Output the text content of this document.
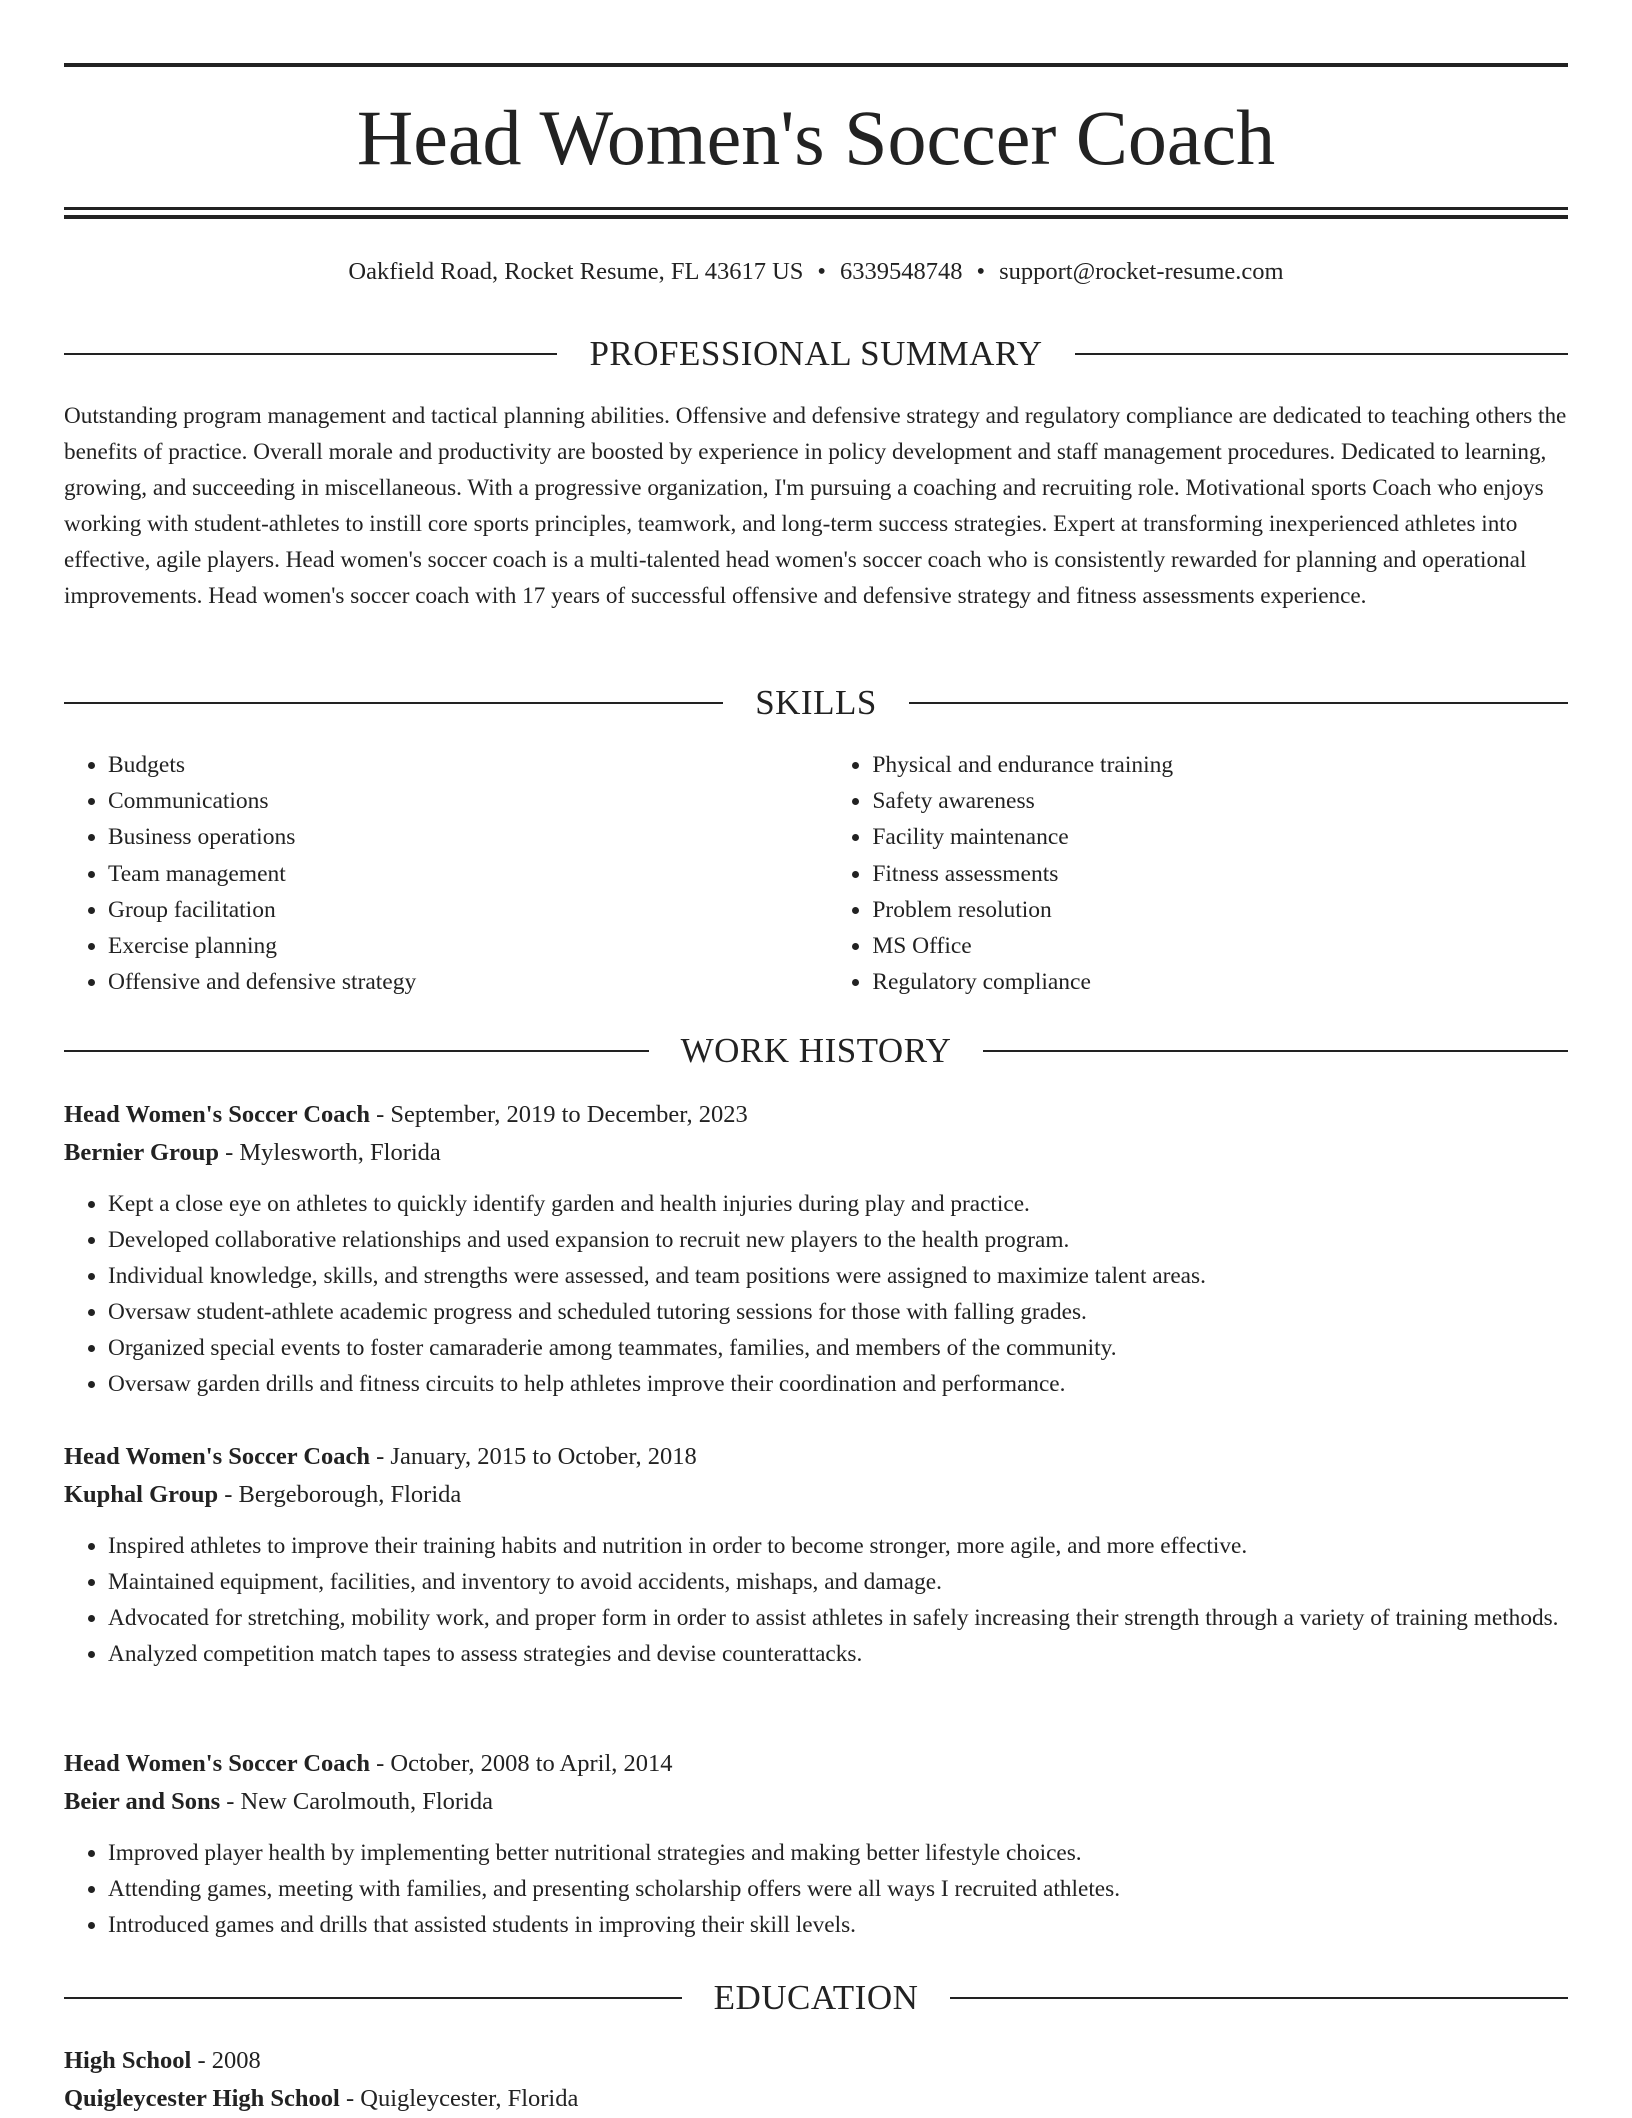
Head Women's Soccer Coach
Oakfield Road, Rocket Resume, FL 43617 US • 6339548748 • support@rocket-resume.com
PROFESSIONAL SUMMARY
Outstanding program management and tactical planning abilities. Offensive and defensive strategy and regulatory compliance are dedicated to teaching others the benefits of practice. Overall morale and productivity are boosted by experience in policy development and staff management procedures. Dedicated to learning, growing, and succeeding in miscellaneous. With a progressive organization, I'm pursuing a coaching and recruiting role. Motivational sports Coach who enjoys working with student-athletes to instill core sports principles, teamwork, and long-term success strategies. Expert at transforming inexperienced athletes into effective, agile players. Head women's soccer coach is a multi-talented head women's soccer coach who is consistently rewarded for planning and operational improvements. Head women's soccer coach with 17 years of successful offensive and defensive strategy and fitness assessments experience.
SKILLS
• Budgets
• Communications
• Business operations
• Team management
• Group facilitation
• Exercise planning
• Offensive and defensive strategy
• Physical and endurance training
• Safety awareness
• Facility maintenance
• Fitness assessments
• Problem resolution
• MS Office
• Regulatory compliance
WORK HISTORY
Head Women's Soccer Coach - September, 2019 to December, 2023
Bernier Group - Mylesworth, Florida
• Kept a close eye on athletes to quickly identify garden and health injuries during play and practice.
• Developed collaborative relationships and used expansion to recruit new players to the health program.
• Individual knowledge, skills, and strengths were assessed, and team positions were assigned to maximize talent areas.
• Oversaw student-athlete academic progress and scheduled tutoring sessions for those with falling grades.
• Organized special events to foster camaraderie among teammates, families, and members of the community.
• Oversaw garden drills and fitness circuits to help athletes improve their coordination and performance.
Head Women's Soccer Coach - January, 2015 to October, 2018
Kuphal Group - Bergeborough, Florida
• Inspired athletes to improve their training habits and nutrition in order to become stronger, more agile, and more effective.
• Maintained equipment, facilities, and inventory to avoid accidents, mishaps, and damage.
• Advocated for stretching, mobility work, and proper form in order to assist athletes in safely increasing their strength through a variety of training methods.
• Analyzed competition match tapes to assess strategies and devise counterattacks.
Head Women's Soccer Coach - October, 2008 to April, 2014
Beier and Sons - New Carolmouth, Florida
• Improved player health by implementing better nutritional strategies and making better lifestyle choices.
• Attending games, meeting with families, and presenting scholarship offers were all ways I recruited athletes.
• Introduced games and drills that assisted students in improving their skill levels.
EDUCATION
High School - 2008
Quigleycester High School - Quigleycester, Florida
